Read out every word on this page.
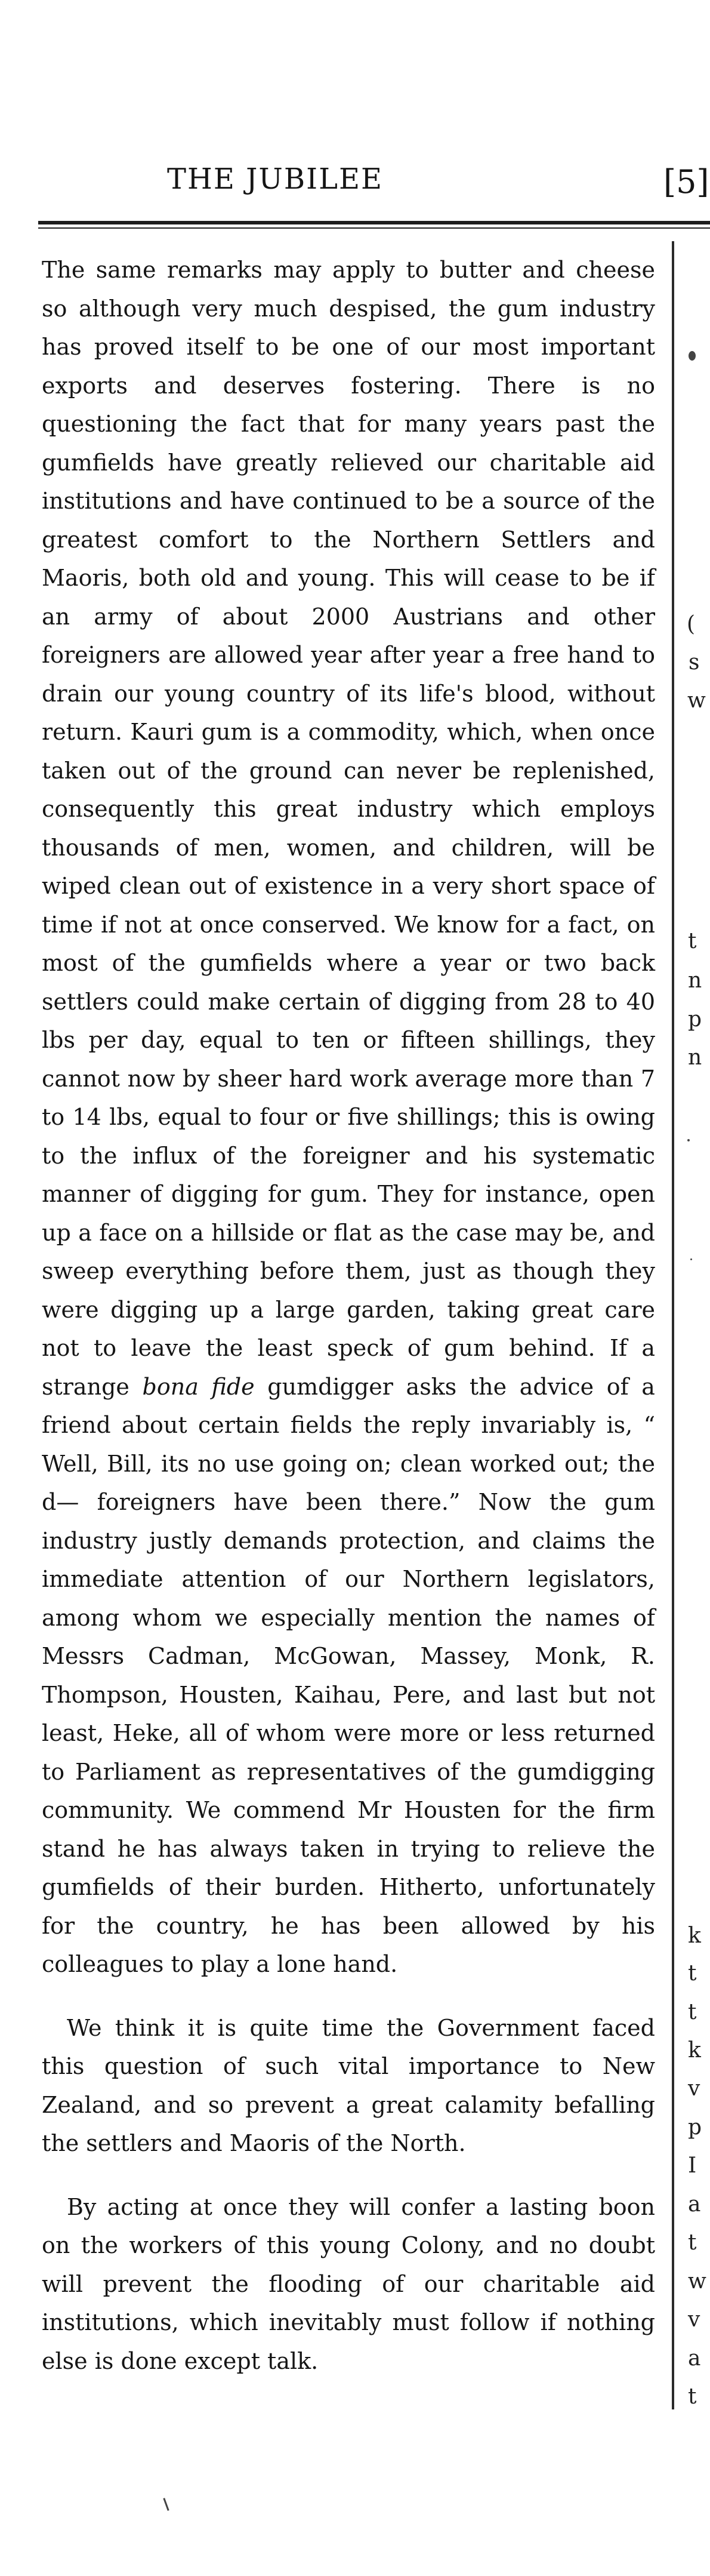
THE JUBILEE	[5]

The same remarks may apply to butter and cheese so although very much despised, the gum industry has proved itself to be one of our most important exports and deserves fostering. There is no questioning the fact that for many years past the gumfields have greatly relieved our charitable aid institutions and have continued to be a source of the greatest comfort to the Northern Settlers and Maoris, both old and young. This will cease to be if an army of about 2000 Austrians and other foreigners are allowed year after year a free hand to drain our young country of its life's blood, without return. Kauri gum is a commodity, which, when once taken out of the ground can never be replenished, consequently this great industry which employs thousands of men, women, and children, will be wiped clean out of existence in a very short space of time if not at once conserved. We know for a fact, on most of the gumfields where a year or two back settlers could make certain of digging from 28 to 40 lbs per day, equal to ten or fifteen shillings, they cannot now by sheer hard work average more than 7 to 14 lbs, equal to four or five shillings; this is owing to the influx of the foreigner and his systematic manner of digging for gum. They for instance, open up a face on a hillside or flat as the case may be, and sweep everything before them, just as though they were digging up a large garden, taking great care not to leave the least speck of gum behind. If a strange bona fide gumdigger asks the advice of a friend about certain fields the reply invariably is, “ Well, Bill, its no use going on; clean worked out; the d— foreigners have been there.” Now the gum industry justly demands protection, and claims the immediate attention of our Northern legislators, among whom we especially mention the names of Messrs Cadman, McGowan, Massey, Monk, R. Thompson, Housten, Kaihau, Pere, and last but not least, Heke, all of whom were more or less returned to Parliament as representatives of the gumdigging community. We commend Mr Housten for the firm stand he has always taken in trying to relieve the gumfields of their burden. Hitherto, unfortunately for the country, he has been allowed by his colleagues to play a lone hand.

We think it is quite time the Government faced this question of such vital importance to New Zealand, and so prevent a great calamity befalling the settlers and Maoris of the North.

By acting at once they will confer a lasting boon on the workers of this young Colony, and no doubt will prevent the flooding of our charitable aid institutions, which inevitably must follow if nothing else is done except talk.

(
s
w
t
n
p
n
k
t
t
k
v
p
I
a
t
w
v
a
t
